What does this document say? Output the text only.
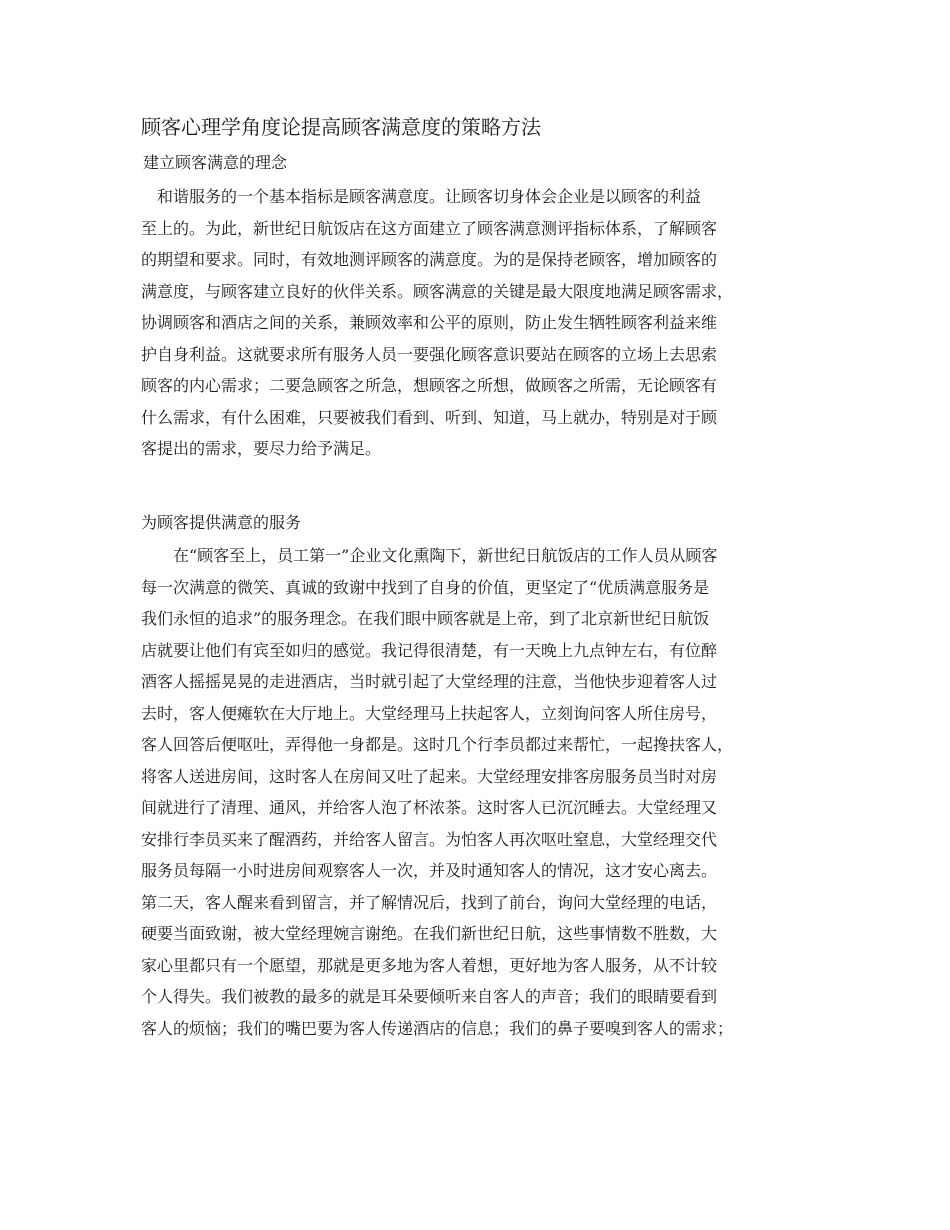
顾客心理学角度论提高顾客满意度的策略方法
建立顾客满意的理念
　和谐服务的一个基本指标是顾客满意度。让顾客切身体会企业是以顾客的利益
至上的。为此，新世纪日航饭店在这方面建立了顾客满意测评指标体系，了解顾客
的期望和要求。同时，有效地测评顾客的满意度。为的是保持老顾客，增加顾客的
满意度，与顾客建立良好的伙伴关系。顾客满意的关键是最大限度地满足顾客需求，
协调顾客和酒店之间的关系，兼顾效率和公平的原则，防止发生牺牲顾客利益来维
护自身利益。这就要求所有服务人员一要强化顾客意识要站在顾客的立场上去思索
顾客的内心需求；二要急顾客之所急，想顾客之所想，做顾客之所需，无论顾客有
什么需求，有什么困难，只要被我们看到、听到、知道，马上就办，特别是对于顾
客提出的需求，要尽力给予满足。
为顾客提供满意的服务
　　在“顾客至上，员工第一”企业文化熏陶下，新世纪日航饭店的工作人员从顾客
每一次满意的微笑、真诚的致谢中找到了自身的价值，更坚定了“优质满意服务是
我们永恒的追求”的服务理念。在我们眼中顾客就是上帝，到了北京新世纪日航饭
店就要让他们有宾至如归的感觉。我记得很清楚，有一天晚上九点钟左右，有位醉
酒客人摇摇晃晃的走进酒店，当时就引起了大堂经理的注意，当他快步迎着客人过
去时，客人便瘫软在大厅地上。大堂经理马上扶起客人，立刻询问客人所住房号，
客人回答后便呕吐，弄得他一身都是。这时几个行李员都过来帮忙，一起搀扶客人，
将客人送进房间，这时客人在房间又吐了起来。大堂经理安排客房服务员当时对房
间就进行了清理、通风，并给客人泡了杯浓茶。这时客人已沉沉睡去。大堂经理又
安排行李员买来了醒酒药，并给客人留言。为怕客人再次呕吐窒息，大堂经理交代
服务员每隔一小时进房间观察客人一次，并及时通知客人的情况，这才安心离去。
第二天，客人醒来看到留言，并了解情况后，找到了前台，询问大堂经理的电话，
硬要当面致谢，被大堂经理婉言谢绝。在我们新世纪日航，这些事情数不胜数，大
家心里都只有一个愿望，那就是更多地为客人着想，更好地为客人服务，从不计较
个人得失。我们被教的最多的就是耳朵要倾听来自客人的声音；我们的眼睛要看到
客人的烦恼；我们的嘴巴要为客人传递酒店的信息；我们的鼻子要嗅到客人的需求；
